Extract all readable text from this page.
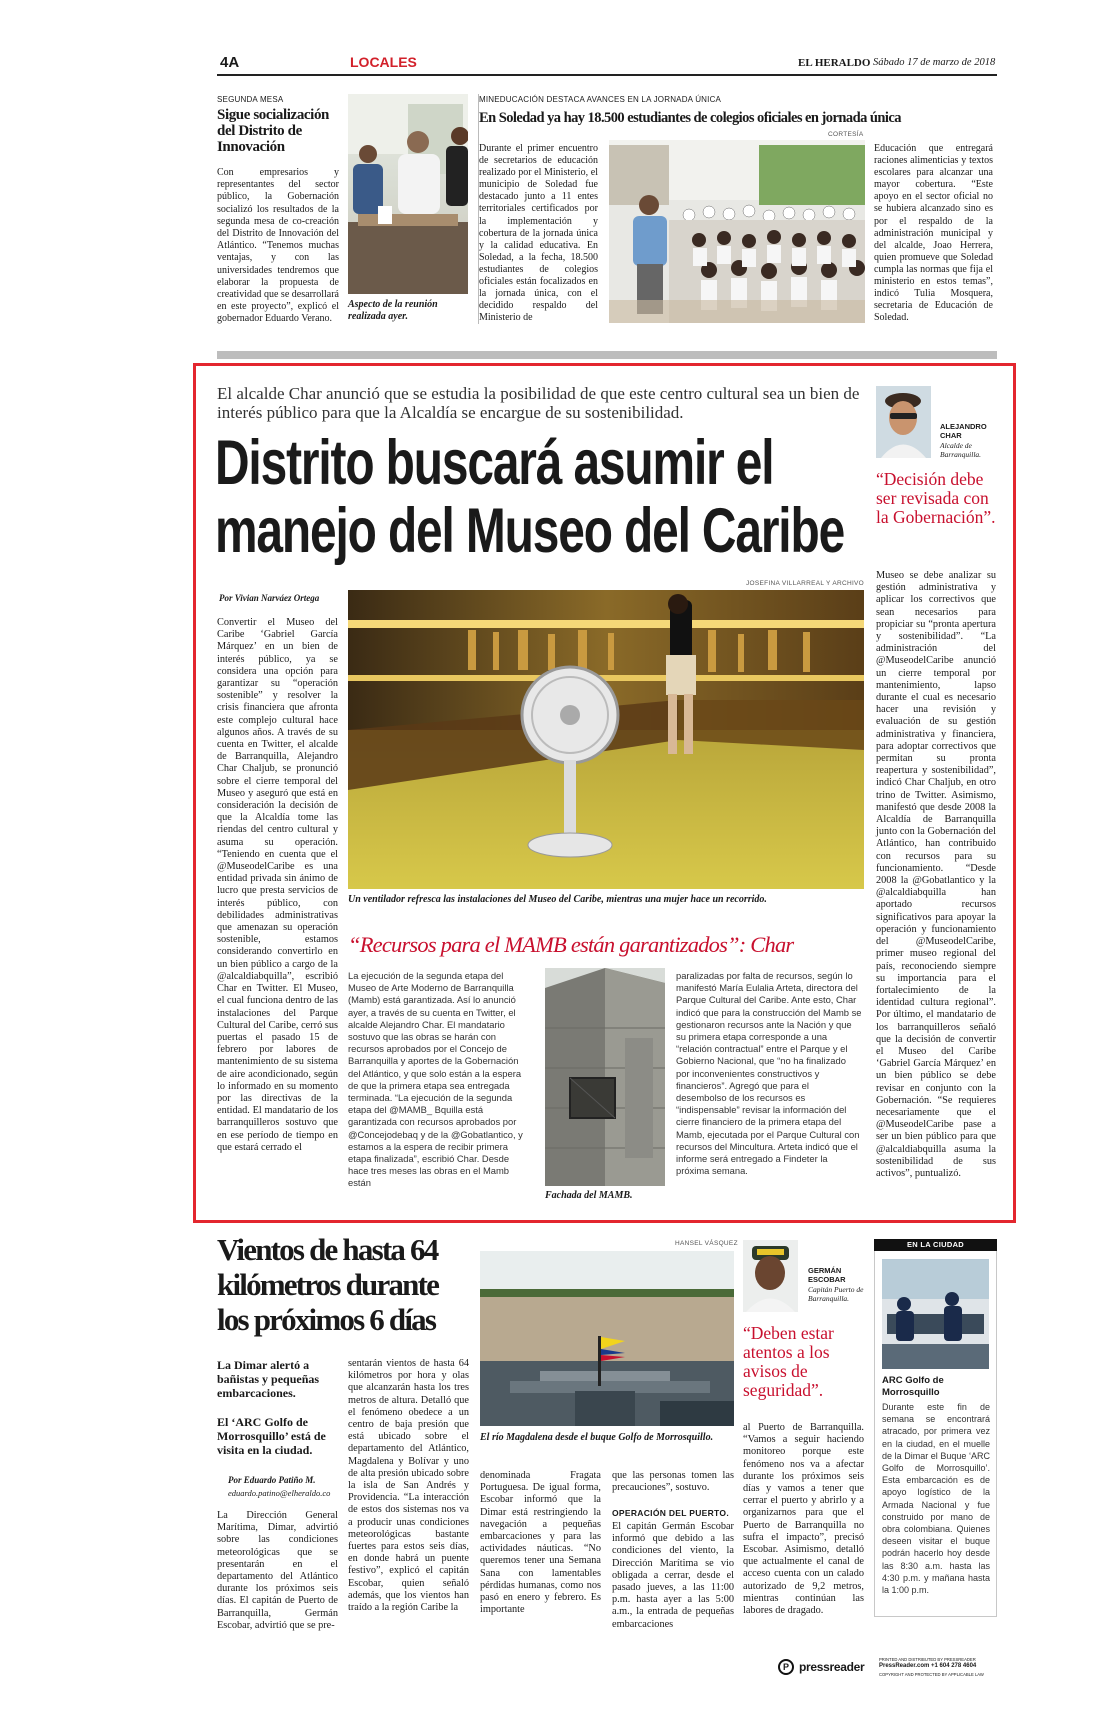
4A	LOCALES	EL HERALDO Sábado 17 de marzo de 2018
SEGUNDA MESA
Sigue socialización del Distrito de Innovación
Con empresarios y representantes del sector público, la Gobernación socializó los resultados de la segunda mesa de co-creación del Distrito de Innovación del Atlántico. “Tenemos muchas ventajas, y con las universidades tendremos que elaborar la propuesta de creatividad que se desarrollará en este proyecto”, explicó el gobernador Eduardo Verano.
Aspecto de la reunión realizada ayer.
MINEDUCACIÓN DESTACA AVANCES EN LA JORNADA ÚNICA
En Soledad ya hay 18.500 estudiantes de colegios oficiales en jornada única
CORTESÍA
Durante el primer encuentro de secretarios de educación realizado por el Ministerio, el municipio de Soledad fue destacado junto a 11 entes territoriales certificados por la implementación y cobertura de la jornada única y la calidad educativa. En Soledad, a la fecha, 18.500 estudiantes de colegios oficiales están focalizados en la jornada única, con el decidido respaldo del Ministerio de
Educación que entregará raciones alimenticias y textos escolares para alcanzar una mayor cobertura. “Este apoyo en el sector oficial no se hubiera alcanzado sino es por el respaldo de la administración municipal y del alcalde, Joao Herrera, quien promueve que Soledad cumpla las normas que fija el ministerio en estos temas”, indicó Tulia Mosquera, secretaria de Educación de Soledad.
El alcalde Char anunció que se estudia la posibilidad de que este centro cultural sea un bien de interés público para que la Alcaldía se encargue de su sostenibilidad.
Distrito buscará asumir el
manejo del Museo del Caribe
JOSEFINA VILLARREAL Y ARCHIVO
Por Vivian Narváez Ortega
Un ventilador refresca las instalaciones del Museo del Caribe, mientras una mujer hace un recorrido.
Convertir el Museo del Caribe ‘Gabriel García Márquez’ en un bien de interés público, ya se considera una opción para garantizar su “operación sostenible” y resolver la crisis financiera que afronta este complejo cultural hace algunos años. A través de su cuenta en Twitter, el alcalde de Barranquilla, Alejandro Char Chaljub, se pronunció sobre el cierre temporal del Museo y aseguró que está en consideración la decisión de que la Alcaldía tome las riendas del centro cultural y asuma su operación. “Teniendo en cuenta que el @MuseodelCaribe es una entidad privada sin ánimo de lucro que presta servicios de interés público, con debilidades administrativas que amenazan su operación sostenible, estamos considerando convertirlo en un bien público a cargo de la @alcaldiabquilla”, escribió Char en Twitter. El Museo, el cual funciona dentro de las instalaciones del Parque Cultural del Caribe, cerró sus puertas el pasado 15 de febrero por labores de mantenimiento de su sistema de aire acondicionado, según lo informado en su momento por las directivas de la entidad. El mandatario de los barranquilleros sostuvo que en ese período de tiempo en que estará cerrado el
ALEJANDRO CHAR
Alcalde de Barranquilla.
“Decisión debe ser revisada con la Gobernación”.
Museo se debe analizar su gestión administrativa y aplicar los correctivos que sean necesarios para propiciar su “pronta apertura y sostenibilidad”. “La administración del @MuseodelCaribe anunció un cierre temporal por mantenimiento, lapso durante el cual es necesario hacer una revisión y evaluación de su gestión administrativa y financiera, para adoptar correctivos que permitan su pronta reapertura y sostenibilidad”, indicó Char Chaljub, en otro trino de Twitter. Asimismo, manifestó que desde 2008 la Alcaldía de Barranquilla junto con la Gobernación del Atlántico, han contribuido con recursos para su funcionamiento. “Desde 2008 la @Gobatlantico y la @alcaldiabquilla han aportado recursos significativos para apoyar la operación y funcionamiento del @MuseodelCaribe, primer museo regional del país, reconociendo siempre su importancia para el fortalecimiento de la identidad cultura regional”. Por último, el mandatario de los barranquilleros señaló que la decisión de convertir el Museo del Caribe ‘Gabriel García Márquez’ en un bien público se debe revisar en conjunto con la Gobernación. “Se requieres necesariamente que el @MuseodelCaribe pase a ser un bien público para que @alcaldiabquilla asuma la sostenibilidad de sus activos”, puntualizó.
“Recursos para el MAMB están garantizados”: Char
La ejecución de la segunda etapa del Museo de Arte Moderno de Barranquilla (Mamb) está garantizada. Así lo anunció ayer, a través de su cuenta en Twitter, el alcalde Alejandro Char. El mandatario sostuvo que las obras se harán con recursos aprobados por el Concejo de Barranquilla y aportes de la Gobernación del Atlántico, y que solo están a la espera de que la primera etapa sea entregada terminada. “La ejecución de la segunda etapa del @MAMB_ Bquilla está garantizada con recursos aprobados por @Concejodebaq y de la @Gobatlantico, y estamos a la espera de recibir primera etapa finalizada”, escribió Char. Desde hace tres meses las obras en el Mamb están
Fachada del MAMB.
paralizadas por falta de recursos, según lo manifestó María Eulalia Arteta, directora del Parque Cultural del Caribe. Ante esto, Char indicó que para la construcción del Mamb se gestionaron recursos ante la Nación y que su primera etapa corresponde a una “relación contractual” entre el Parque y el Gobierno Nacional, que “no ha finalizado por inconvenientes constructivos y financieros”. Agregó que para el desembolso de los recursos es “indispensable” revisar la información del cierre financiero de la primera etapa del Mamb, ejecutada por el Parque Cultural con recursos del Mincultura. Arteta indicó que el informe será entregado a Findeter la próxima semana.
Vientos de hasta 64 kilómetros durante los próximos 6 días
La Dimar alertó a bañistas y pequeñas embarcaciones.
El ‘ARC Golfo de Morrosquillo’ está de visita en la ciudad.
Por Eduardo Patiño M.
eduardo.patino@elheraldo.co
La Dirección General Marítima, Dimar, advirtió sobre las condiciones meteorológicas que se presentarán en el departamento del Atlántico durante los próximos seis días. El capitán de Puerto de Barranquilla, Germán Escobar, advirtió que se pre-
sentarán vientos de hasta 64 kilómetros por hora y olas que alcanzarán hasta los tres metros de altura. Detalló que el fenómeno obedece a un centro de baja presión que está ubicado sobre el departamento del Atlántico, Magdalena y Bolívar y uno de alta presión ubicado sobre la isla de San Andrés y Providencia. “La interacción de estos dos sistemas nos va a producir unas condiciones meteorológicas bastante fuertes para estos seis días, en donde habrá un puente festivo”, explicó el capitán Escobar, quien señaló además, que los vientos han traído a la región Caribe la
HANSEL VÁSQUEZ
El río Magdalena desde el buque Golfo de Morrosquillo.
denominada Fragata Portuguesa. De igual forma, Escobar informó que la Dimar está restringiendo la navegación a pequeñas embarcaciones y para las actividades náuticas. “No queremos tener una Semana Sana con lamentables pérdidas humanas, como nos pasó en enero y febrero. Es importante
que las personas tomen las precauciones”, sostuvo.
OPERACIÓN DEL PUERTO.
El capitán Germán Escobar informó que debido a las condiciones del viento, la Dirección Marítima se vio obligada a cerrar, desde el pasado jueves, a las 11:00 p.m. hasta ayer a las 5:00 a.m., la entrada de pequeñas embarcaciones
GERMÁN ESCOBAR
Capitán Puerto de Barranquilla.
“Deben estar atentos a los avisos de seguridad”.
al Puerto de Barranquilla. “Vamos a seguir haciendo monitoreo porque este fenómeno nos va a afectar durante los próximos seis días y vamos a tener que cerrar el puerto y abrirlo y a organizarnos para que el Puerto de Barranquilla no sufra el impacto”, precisó Escobar. Asimismo, detalló que actualmente el canal de acceso cuenta con un calado autorizado de 9,2 metros, mientras continúan las labores de dragado.
EN LA CIUDAD
ARC Golfo de Morrosquillo
Durante este fin de semana se encontrará atracado, por primera vez en la ciudad, en el muelle de la Dimar el Buque ‘ARC Golfo de Morrosquillo’. Esta embarcación es de apoyo logístico de la Armada Nacional y fue construido por mano de obra colombiana. Quienes deseen visitar el buque podrán hacerlo hoy desde las 8:30 a.m. hasta las 4:30 p.m. y mañana hasta la 1:00 p.m.
P pressreader
PRINTED AND DISTRIBUTED BY PRESSREADER
PressReader.com +1 604 278 4604
COPYRIGHT AND PROTECTED BY APPLICABLE LAW
